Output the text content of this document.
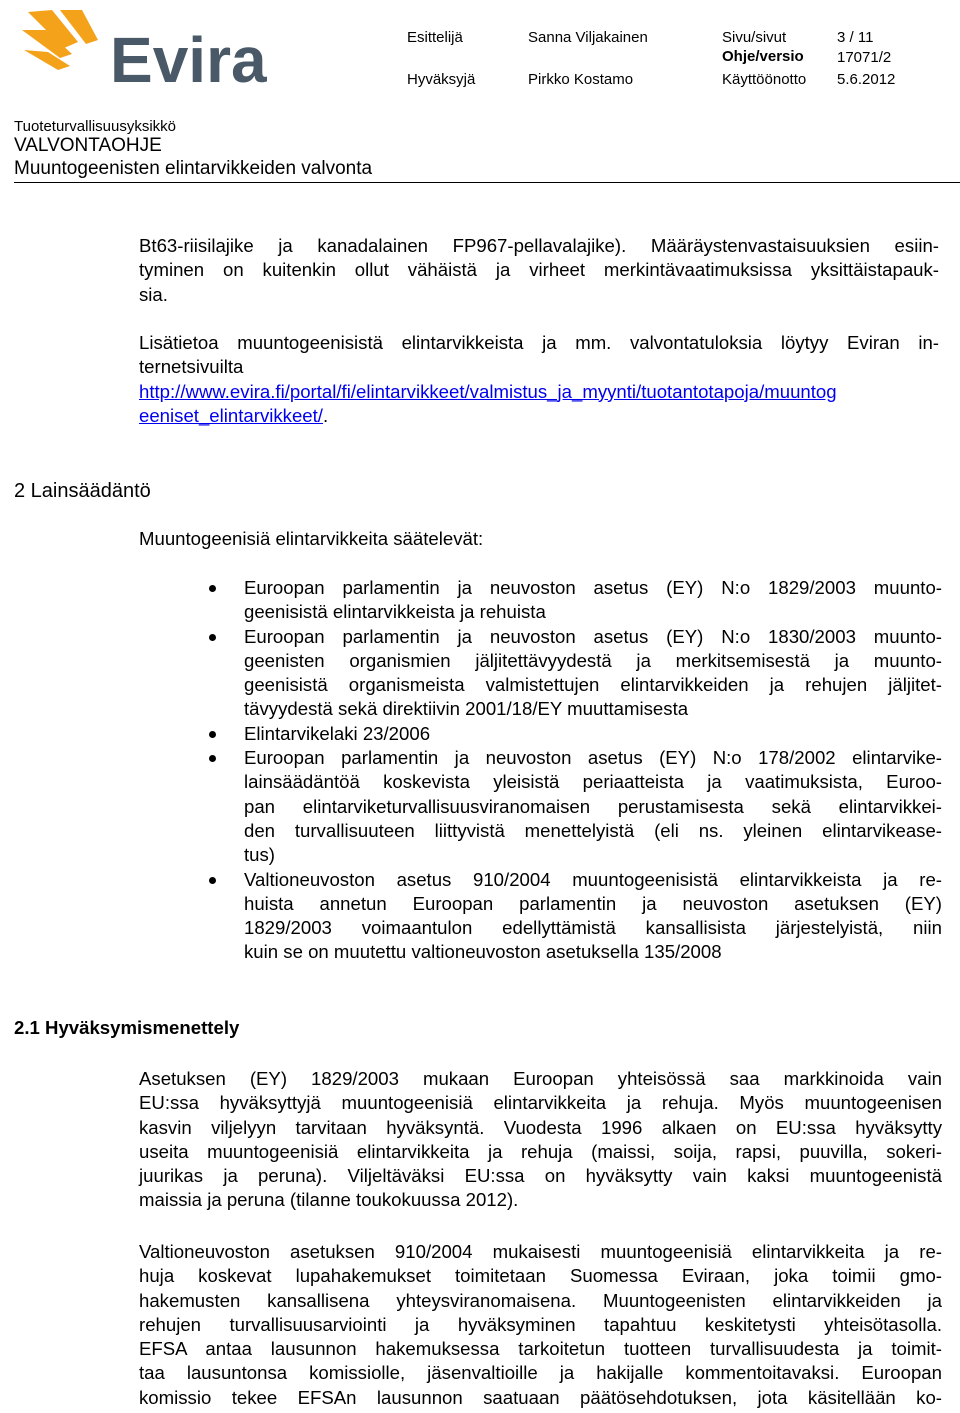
Evira	Esittelijä	Sanna Viljakainen	Sivu/sivut	3 / 11
Ohje/versio 17071/2
Hyväksyjä	Pirkko Kostamo	Käyttöönotto 5.6.2012
Tuoteturvallisuusyksikkö
VALVONTAOHJE
Muuntogeenisten elintarvikkeiden valvonta
Bt63-riisilajike ja kanadalainen FP967-pellavalajike). Määräystenvastaisuuksien esiin-
tyminen on kuitenkin ollut vähäistä ja virheet merkintävaatimuksissa yksittäistapauk-
sia.
Lisätietoa muuntogeenisistä elintarvikkeista ja mm. valvontatuloksia löytyy Eviran in-
ternetsivuilta
http://www.evira.fi/portal/fi/elintarvikkeet/valmistus_ja_myynti/tuotantotapoja/muuntog
eeniset_elintarvikkeet/.
2 Lainsäädäntö
Muuntogeenisiä elintarvikkeita säätelevät:
Euroopan parlamentin ja neuvoston asetus (EY) N:o 1829/2003 muunto-
geenisistä elintarvikkeista ja rehuista
Euroopan parlamentin ja neuvoston asetus (EY) N:o 1830/2003 muunto-
geenisten organismien jäljitettävyydestä ja merkitsemisestä ja muunto-
geenisistä organismeista valmistettujen elintarvikkeiden ja rehujen jäljitet-
tävyydestä sekä direktiivin 2001/18/EY muuttamisesta
Elintarvikelaki 23/2006
Euroopan parlamentin ja neuvoston asetus (EY) N:o 178/2002 elintarvike-
lainsäädäntöä koskevista yleisistä periaatteista ja vaatimuksista, Euroo-
pan elintarviketurvallisuusviranomaisen perustamisesta sekä elintarvikkei-
den turvallisuuteen liittyvistä menettelyistä (eli ns. yleinen elintarvikease-
tus)
Valtioneuvoston asetus 910/2004 muuntogeenisistä elintarvikkeista ja re-
huista annetun Euroopan parlamentin ja neuvoston asetuksen (EY)
1829/2003 voimaantulon edellyttämistä kansallisista järjestelyistä, niin
kuin se on muutettu valtioneuvoston asetuksella 135/2008
2.1 Hyväksymismenettely
Asetuksen (EY) 1829/2003 mukaan Euroopan yhteisössä saa markkinoida vain
EU:ssa hyväksyttyjä muuntogeenisiä elintarvikkeita ja rehuja. Myös muuntogeenisen
kasvin viljelyyn tarvitaan hyväksyntä. Vuodesta 1996 alkaen on EU:ssa hyväksytty
useita muuntogeenisiä elintarvikkeita ja rehuja (maissi, soija, rapsi, puuvilla, sokeri-
juurikas ja peruna). Viljeltäväksi EU:ssa on hyväksytty vain kaksi muuntogeenistä
maissia ja peruna (tilanne toukokuussa 2012).
Valtioneuvoston asetuksen 910/2004 mukaisesti muuntogeenisiä elintarvikkeita ja re-
huja koskevat lupahakemukset toimitetaan Suomessa Eviraan, joka toimii gmo-
hakemusten kansallisena yhteysviranomaisena. Muuntogeenisten elintarvikkeiden ja
rehujen turvallisuusarviointi ja hyväksyminen tapahtuu keskitetysti yhteisötasolla.
EFSA antaa lausunnon hakemuksessa tarkoitetun tuotteen turvallisuudesta ja toimit-
taa lausuntonsa komissiolle, jäsenvaltioille ja hakijalle kommentoitavaksi. Euroopan
komissio tekee EFSAn lausunnon saatuaan päätösehdotuksen, jota käsitellään ko-
